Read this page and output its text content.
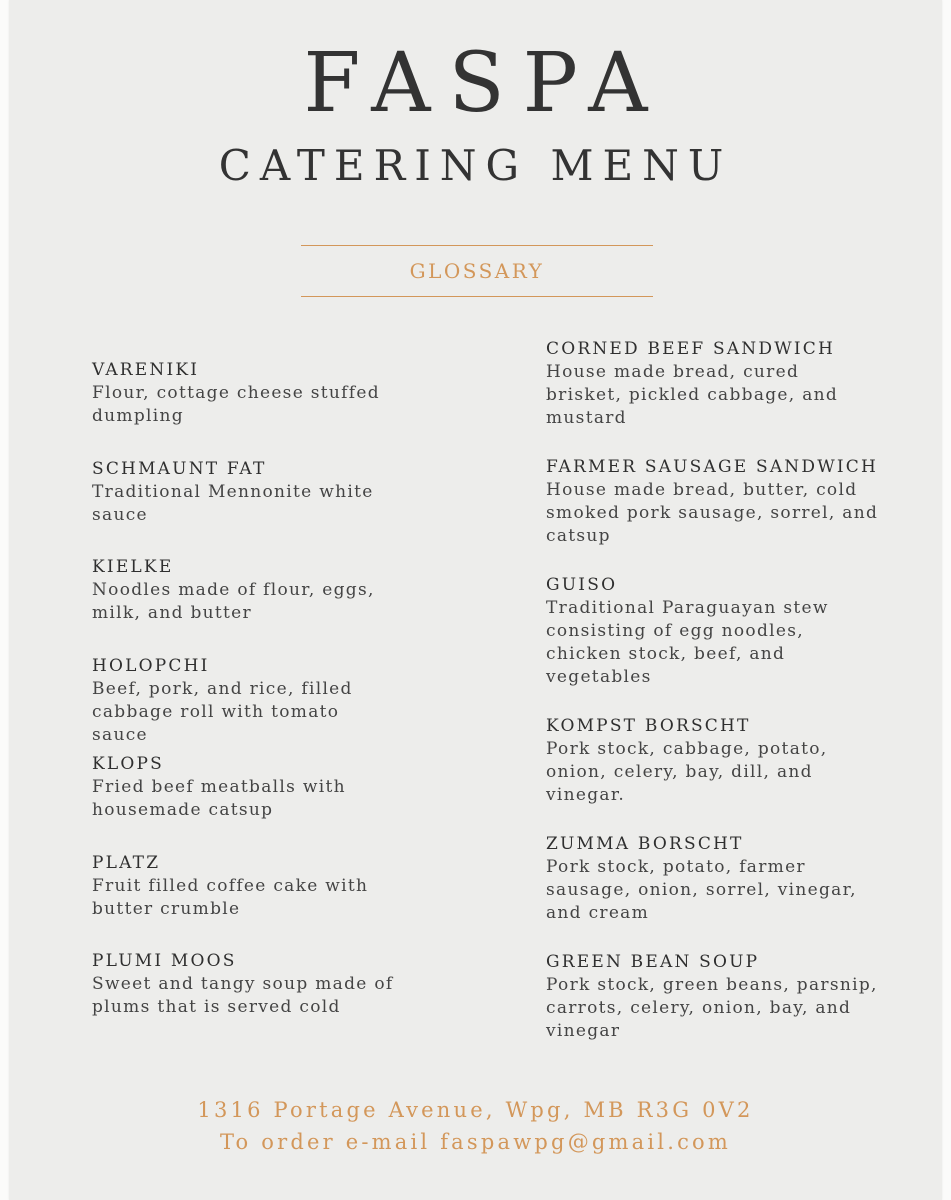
FASPA
CATERING MENU
GLOSSARY
VARENIKI
Flour, cottage cheese stuffed dumpling
SCHMAUNT FAT
Traditional Mennonite white sauce
KIELKE
Noodles made of flour, eggs, milk, and butter
HOLOPCHI
Beef, pork, and rice, filled cabbage roll with tomato sauce
KLOPS
Fried beef meatballs with housemade catsup
PLATZ
Fruit filled coffee cake with butter crumble
PLUMI MOOS
Sweet and tangy soup made of plums that is served cold
CORNED BEEF SANDWICH
House made bread, cured brisket, pickled cabbage, and mustard
FARMER SAUSAGE SANDWICH
House made bread, butter, cold smoked pork sausage, sorrel, and catsup
GUISO
Traditional Paraguayan stew consisting of egg noodles, chicken stock, beef, and vegetables
KOMPST BORSCHT
Pork stock, cabbage, potato, onion, celery, bay, dill, and vinegar.
ZUMMA BORSCHT
Pork stock, potato, farmer sausage, onion, sorrel, vinegar, and cream
GREEN BEAN SOUP
Pork stock, green beans, parsnip, carrots, celery, onion, bay, and vinegar
1316 Portage Avenue, Wpg, MB R3G 0V2
To order e-mail faspawpg@gmail.com
